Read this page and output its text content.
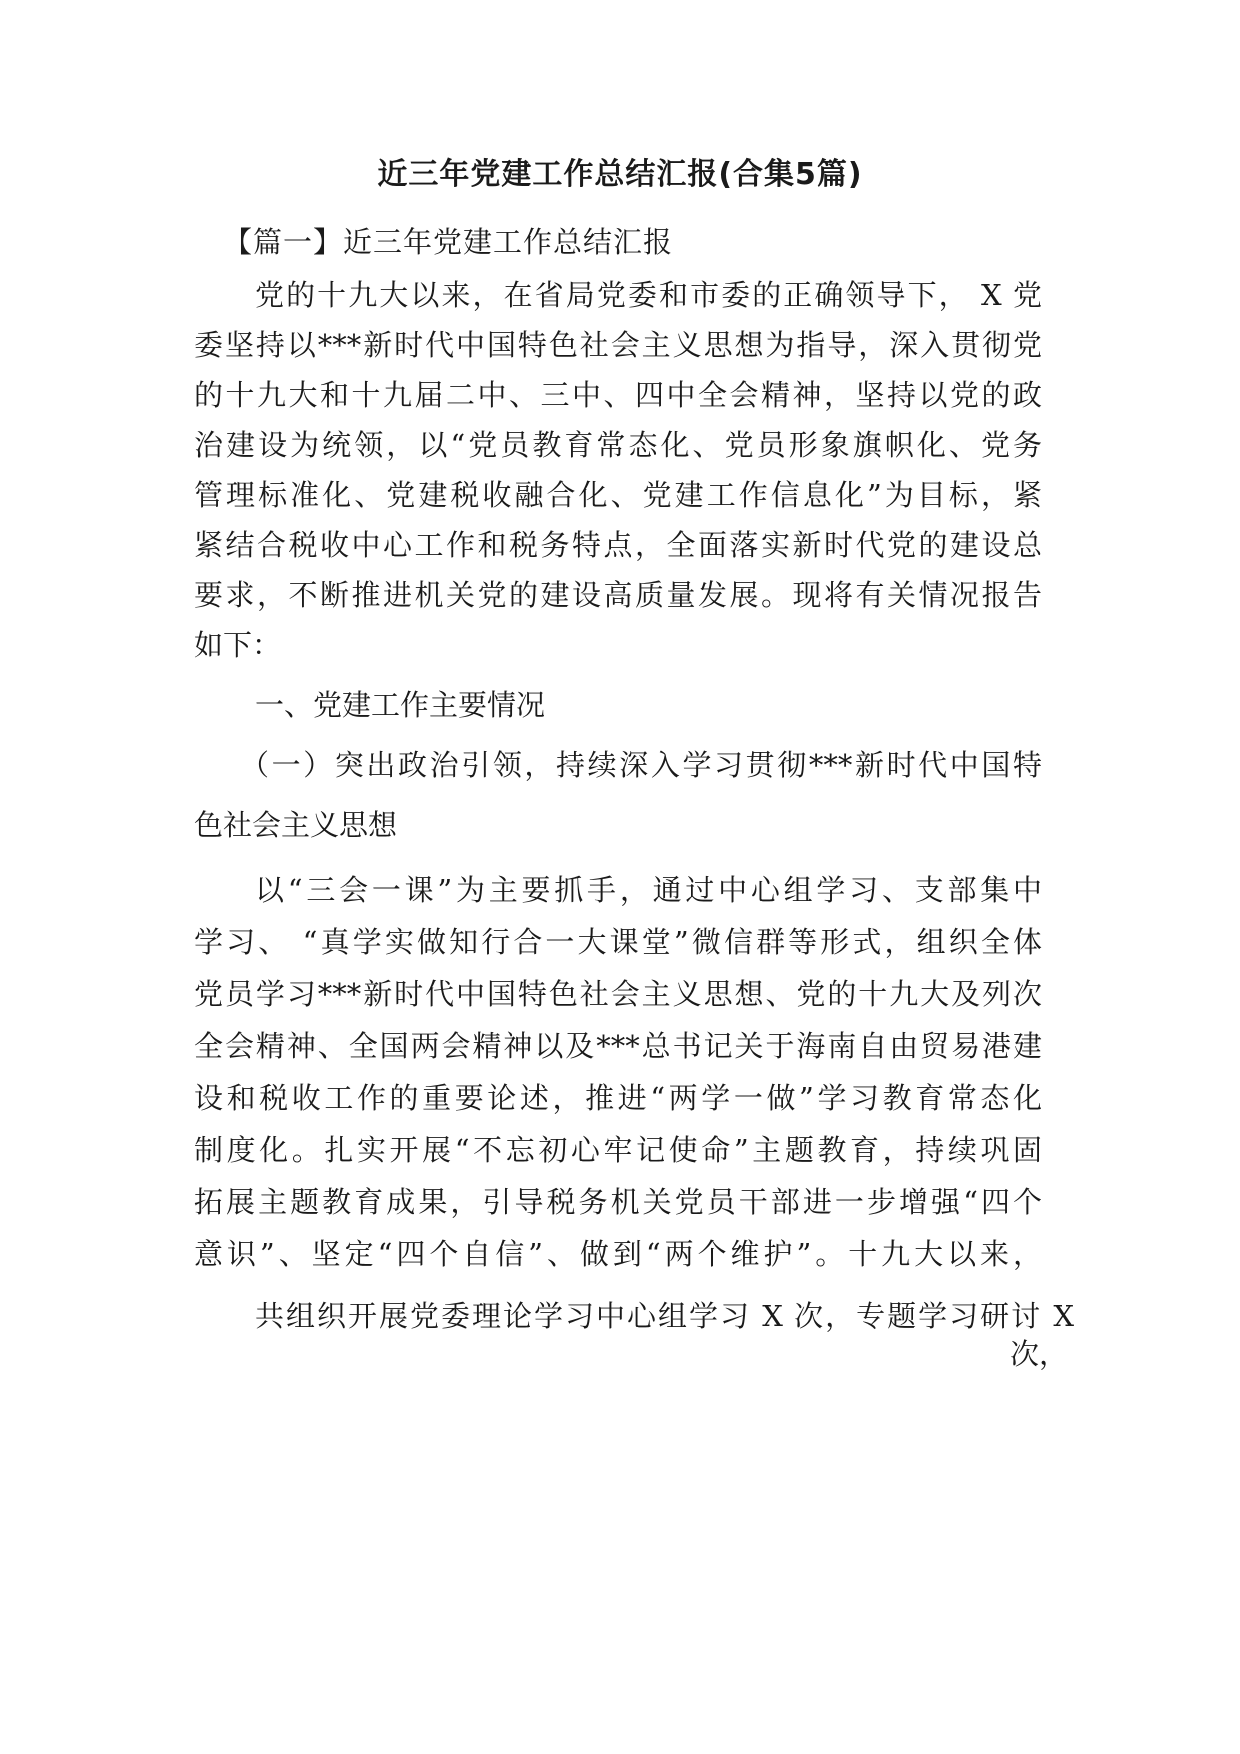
近三年党建工作总结汇报(合集5篇)

【篇一】近三年党建工作总结汇报

党的十九大以来，在省局党委和市委的正确领导下， X 党

委坚持以***新时代中国特色社会主义思想为指导，深入贯彻党

的十九大和十九届二中、三中、四中全会精神，坚持以党的政

治建设为统领，以“党员教育常态化、党员形象旗帜化、党务

管理标准化、党建税收融合化、党建工作信息化”为目标，紧

紧结合税收中心工作和税务特点，全面落实新时代党的建设总

要求，不断推进机关党的建设高质量发展。现将有关情况报告

如下：

一、党建工作主要情况

（一）突出政治引领，持续深入学习贯彻***新时代中国特

色社会主义思想

以“三会一课”为主要抓手，通过中心组学习、支部集中

学习、 “真学实做知行合一大课堂”微信群等形式，组织全体

党员学习***新时代中国特色社会主义思想、党的十九大及列次

全会精神、全国两会精神以及***总书记关于海南自由贸易港建

设和税收工作的重要论述，推进“两学一做”学习教育常态化

制度化。扎实开展“不忘初心牢记使命”主题教育，持续巩固

拓展主题教育成果，引导税务机关党员干部进一步增强“四个

意识”、坚定“四个自信”、做到“两个维护”。十九大以来，

共组织开展党委理论学习中心组学习 X 次，专题学习研讨 X

次，
